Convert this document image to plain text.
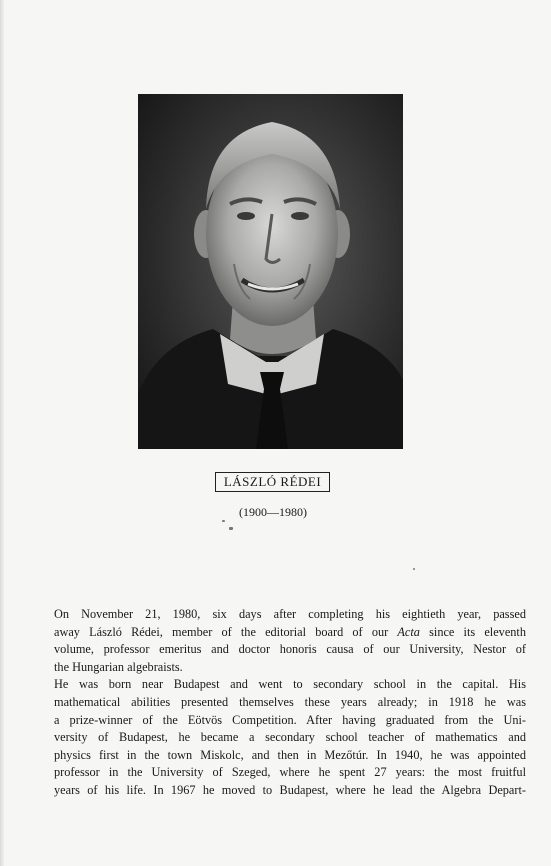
LÁSZLÓ RÉDEI
(1900—1980)

On November 21, 1980, six days after completing his eightieth year, passed
away László Rédei, member of the editorial board of our Acta since its eleventh
volume, professor emeritus and doctor honoris causa of our University, Nestor of
the Hungarian algebraists.

He was born near Budapest and went to secondary school in the capital. His
mathematical abilities presented themselves these years already; in 1918 he was
a prize-winner of the Eötvös Competition. After having graduated from the Uni-
versity of Budapest, he became a secondary school teacher of mathematics and
physics first in the town Miskolc, and then in Mezőtúr. In 1940, he was appointed
professor in the University of Szeged, where he spent 27 years: the most fruitful
years of his life. In 1967 he moved to Budapest, where he lead the Algebra Depart-
